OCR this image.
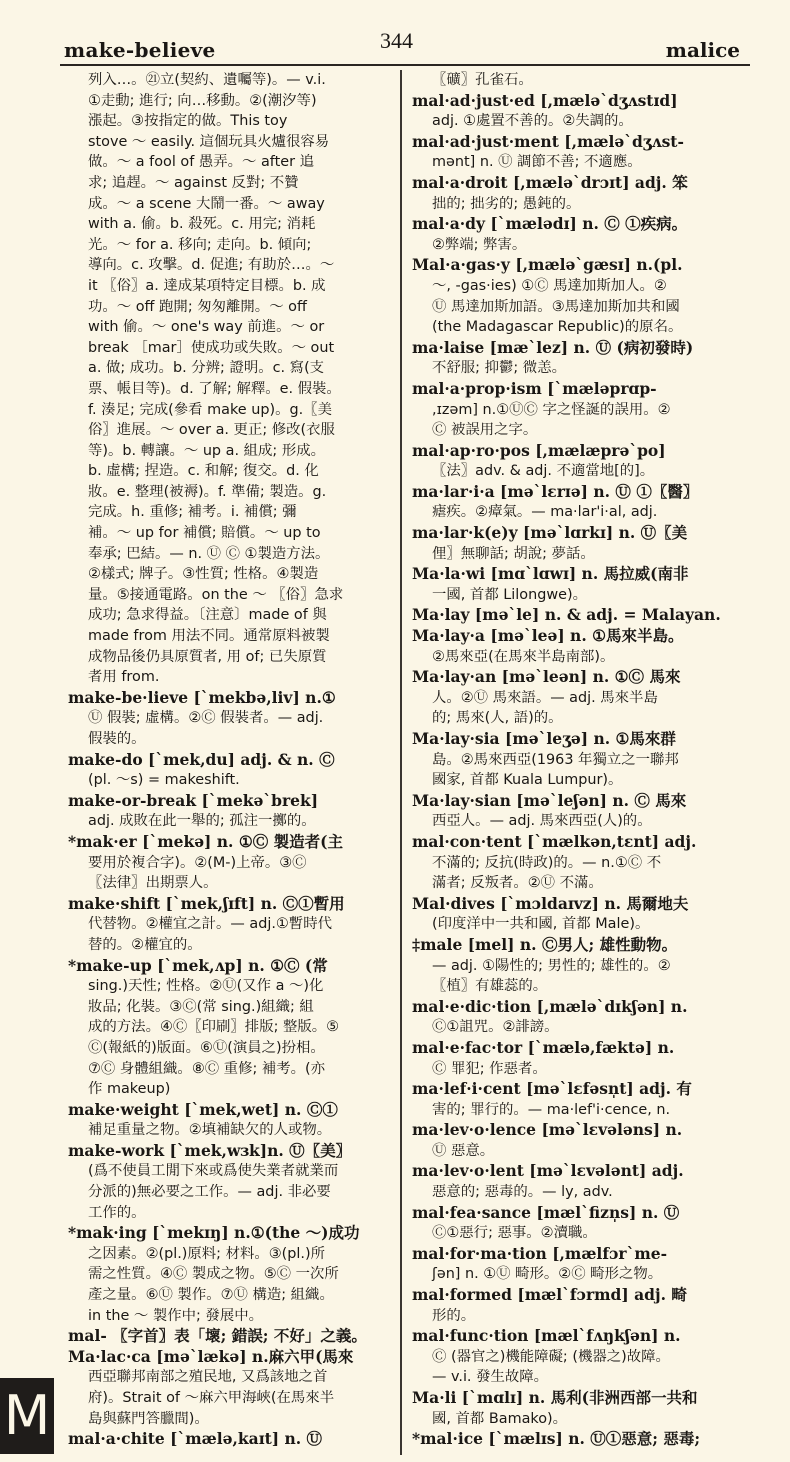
make-believe	344	malice
列入…。㉑立(契約、遺囑等)。— v.i.
①走動; 進行; 向…移動。②(潮汐等)
漲起。③按指定的做。This toy
stove ～ easily. 這個玩具火爐很容易
做。～ a fool of 愚弄。～ after 追
求; 追趕。～ against 反對; 不贊
成。～ a scene 大鬧一番。～ away
with a. 偷。b. 殺死。c. 用完; 消耗
光。～ for a. 移向; 走向。b. 傾向;
導向。c. 攻擊。d. 促進; 有助於…。～
it 〖俗〗a. 達成某項特定目標。b. 成
功。～ off 跑開; 匆匆離開。～ off
with 偷。～ one's way 前進。～ or
break ［mar］使成功或失敗。～ out
a. 做; 成功。b. 分辨; 證明。c. 寫(支
票、帳目等)。d. 了解; 解釋。e. 假裝。
f. 湊足; 完成(參看 make up)。g.〖美
俗〗進展。～ over a. 更正; 修改(衣服
等)。b. 轉讓。～ up a. 組成; 形成。
b. 虛構; 捏造。c. 和解; 復交。d. 化
妝。e. 整理(被褥)。f. 準備; 製造。g.
完成。h. 重修; 補考。i. 補償; 彌
補。～ up for 補償; 賠償。～ up to
奉承; 巴結。— n. Ⓤ Ⓒ ①製造方法。
②樣式; 牌子。③性質; 性格。④製造
量。⑤接通電路。on the ～ 〖俗〗急求
成功; 急求得益。〔注意〕made of 與
made from 用法不同。通常原料被製
成物品後仍具原質者, 用 of; 已失原質
者用 from.
make-be·lieve [ˋmekbə,liv] n.①
Ⓤ 假裝; 虛構。②Ⓒ 假裝者。— adj.
假裝的。
make-do [ˋmek,du] adj. & n. Ⓒ
(pl. ～s) = makeshift.
make-or-break [ˋmekəˋbrek]
adj. 成敗在此一舉的; 孤注一擲的。
*mak·er [ˋmekə] n. ①Ⓒ 製造者(主
要用於複合字)。②(M-)上帝。③Ⓒ
〖法律〗出期票人。
make·shift [ˋmek,ʃɪft] n. Ⓒ①暫用
代替物。②權宜之計。— adj.①暫時代
替的。②權宜的。
*make-up [ˋmek,ʌp] n. ①Ⓒ (常
sing.)天性; 性格。②Ⓤ(又作 a ～)化
妝品; 化裝。③Ⓒ(常 sing.)組織; 組
成的方法。④Ⓒ〖印刷〗排版; 整版。⑤
Ⓒ(報紙的)版面。⑥Ⓤ(演員之)扮相。
⑦Ⓒ 身體組織。⑧Ⓒ 重修; 補考。(亦
作 makeup)
make·weight [ˋmek,wet] n. Ⓒ①
補足重量之物。②填補缺欠的人或物。
make-work [ˋmek,wɜk]n. Ⓤ〖美〗
(爲不使員工閒下來或爲使失業者就業而
分派的)無必要之工作。— adj. 非必要
工作的。
*mak·ing [ˋmekɪŋ] n.①(the ～)成功
之因素。②(pl.)原料; 材料。③(pl.)所
需之性質。④Ⓒ 製成之物。⑤Ⓒ 一次所
產之量。⑥Ⓤ 製作。⑦Ⓤ 構造; 組織。
in the ～ 製作中; 發展中。
mal- 〖字首〗表「壞; 錯誤; 不好」之義。
Ma·lac·ca [məˋlækə] n.麻六甲(馬來
西亞聯邦南部之殖民地, 又爲該地之首
府)。Strait of ～麻六甲海峽(在馬來半
島與蘇門答臘間)。
mal·a·chite [ˋmælə,kaɪt] n. Ⓤ
〖礦〗孔雀石。
mal·ad·just·ed [,mæləˋdʒʌstɪd]
adj. ①處置不善的。②失調的。
mal·ad·just·ment [,mæləˋdʒʌst-
mənt] n. Ⓤ 調節不善; 不適應。
mal·a·droit [,mæləˋdrɔɪt] adj. 笨
拙的; 拙劣的; 愚鈍的。
mal·a·dy [ˋmælədɪ] n. Ⓒ ①疾病。
②弊端; 弊害。
Mal·a·gas·y [,mæləˋgæsɪ] n.(pl.
～, -gas·ies) ①Ⓒ 馬達加斯加人。②
Ⓤ 馬達加斯加語。③馬達加斯加共和國
(the Madagascar Republic)的原名。
ma·laise [mæˋlez] n. Ⓤ (病初發時)
不舒服; 抑鬱; 微恙。
mal·a·prop·ism [ˋmæləprɑp-
,ɪzəm] n.①ⓊⒸ 字之怪誕的誤用。②
Ⓒ 被誤用之字。
mal·ap·ro·pos [,mælæprəˋpo]
〖法〗adv. & adj. 不適當地[的]。
ma·lar·i·a [məˋlɛrɪə] n. Ⓤ ①〖醫〗
瘧疾。②瘴氣。— ma·lar'i·al, adj.
ma·lar·k(e)y [məˋlɑrkɪ] n. Ⓤ〖美
俚〗無聊話; 胡說; 夢話。
Ma·la·wi [mɑˋlɑwɪ] n. 馬拉威(南非
一國, 首都 Lilongwe)。
Ma·lay [məˋle] n. & adj. = Malayan.
Ma·lay·a [məˋleə] n. ①馬來半島。
②馬來亞(在馬來半島南部)。
Ma·lay·an [məˋleən] n. ①Ⓒ 馬來
人。②Ⓤ 馬來語。— adj. 馬來半島
的; 馬來(人, 語)的。
Ma·lay·sia [məˋleʒə] n. ①馬來群
島。②馬來西亞(1963 年獨立之一聯邦
國家, 首都 Kuala Lumpur)。
Ma·lay·sian [məˋleʃən] n. Ⓒ 馬來
西亞人。— adj. 馬來西亞(人)的。
mal·con·tent [ˋmælkən,tɛnt] adj.
不滿的; 反抗(時政)的。— n.①Ⓒ 不
滿者; 反叛者。②Ⓤ 不滿。
Mal·dives [ˋmɔldaɪvz] n. 馬爾地夫
(印度洋中一共和國, 首都 Male)。
‡male [mel] n. Ⓒ男人; 雄性動物。
— adj. ①陽性的; 男性的; 雄性的。②
〖植〗有雄蕊的。
mal·e·dic·tion [,mæləˋdɪkʃən] n.
Ⓒ①詛咒。②誹謗。
mal·e·fac·tor [ˋmælə,fæktə] n.
Ⓒ 罪犯; 作惡者。
ma·lef·i·cent [məˋlɛfəsn̩t] adj. 有
害的; 罪行的。— ma·lef'i·cence, n.
ma·lev·o·lence [məˋlɛvələns] n.
Ⓤ 惡意。
ma·lev·o·lent [məˋlɛvələnt] adj.
惡意的; 惡毒的。— ly, adv.
mal·fea·sance [mælˋfizn̩s] n. Ⓤ
Ⓒ①惡行; 惡事。②瀆職。
mal·for·ma·tion [,mælfɔrˋme-
ʃən] n. ①Ⓤ 畸形。②Ⓒ 畸形之物。
mal·formed [mælˋfɔrmd] adj. 畸
形的。
mal·func·tion [mælˋfʌŋkʃən] n.
Ⓒ (器官之)機能障礙; (機器之)故障。
— v.i. 發生故障。
Ma·li [ˋmɑlɪ] n. 馬利(非洲西部一共和
國, 首都 Bamako)。
*mal·ice [ˋmælɪs] n. Ⓤ①惡意; 惡毒;
M
